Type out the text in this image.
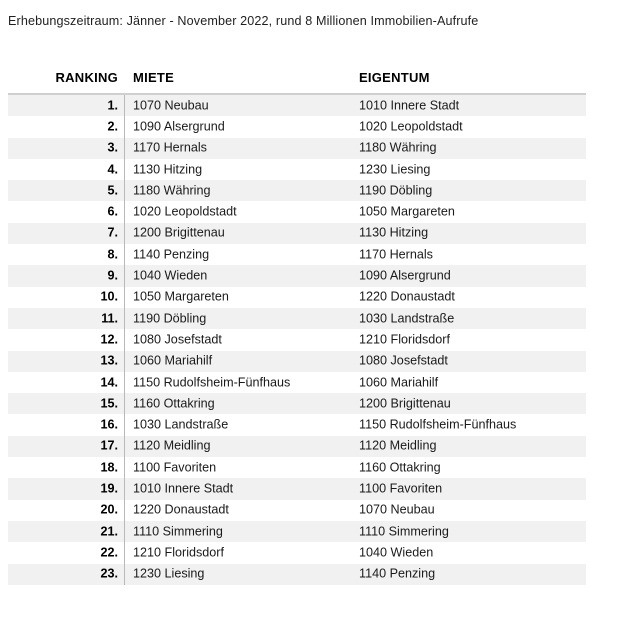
Erhebungszeitraum: Jänner - November 2022, rund 8 Millionen Immobilien-Aufrufe
RANKING MIETE	EIGENTUM
1. 1070 Neubau	1010 Innere Stadt
2. 1090 Alsergrund	1020 Leopoldstadt
3. 1170 Hernals	1180 Währing
4. 1130 Hitzing	1230 Liesing
5. 1180 Währing	1190 Döbling
6. 1020 Leopoldstadt	1050 Margareten
7. 1200 Brigittenau	1130 Hitzing
8. 1140 Penzing	1170 Hernals
9. 1040 Wieden	1090 Alsergrund
10. 1050 Margareten	1220 Donaustadt
11. 1190 Döbling	1030 Landstraße
12. 1080 Josefstadt	1210 Floridsdorf
13. 1060 Mariahilf	1080 Josefstadt
14. 1150 Rudolfsheim-Fünfhaus	1060 Mariahilf
15. 1160 Ottakring	1200 Brigittenau
16. 1030 Landstraße	1150 Rudolfsheim-Fünfhaus
17. 1120 Meidling	1120 Meidling
18. 1100 Favoriten	1160 Ottakring
19. 1010 Innere Stadt	1100 Favoriten
20. 1220 Donaustadt	1070 Neubau
21. 1110 Simmering	1110 Simmering
22. 1210 Floridsdorf	1040 Wieden
23. 1230 Liesing	1140 Penzing
